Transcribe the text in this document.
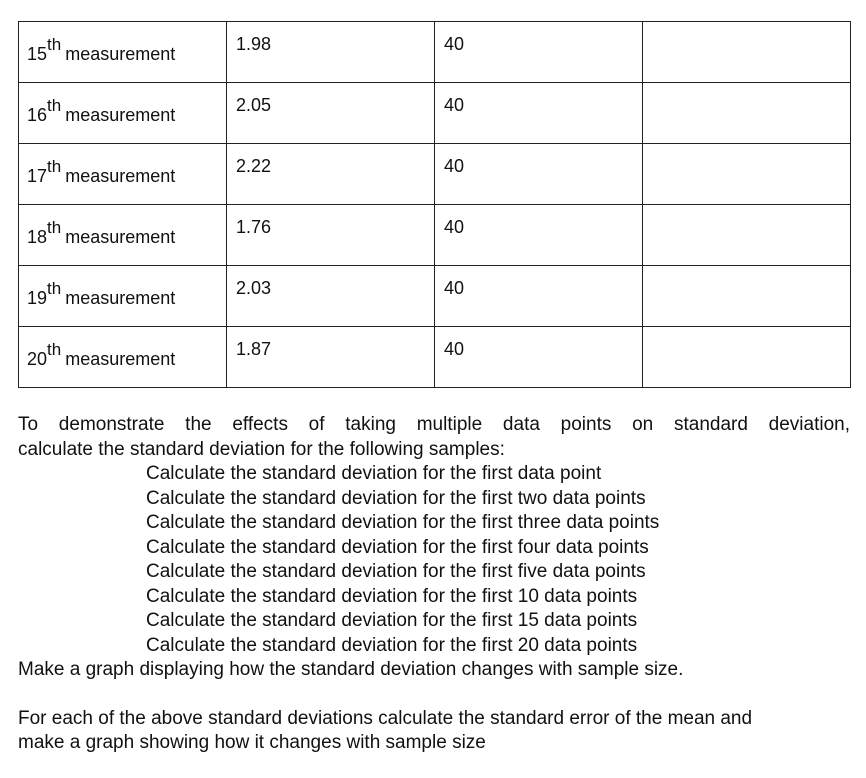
15th measurement	1.98	40	

16th measurement	2.05	40	

17th measurement	2.22	40	

18th measurement	1.76	40	

19th measurement	2.03	40	

20th measurement	1.87	40	

To demonstrate the effects of taking multiple data points on standard deviation,

calculate the standard deviation for the following samples:

Calculate the standard deviation for the first data point
Calculate the standard deviation for the first two data points
Calculate the standard deviation for the first three data points
Calculate the standard deviation for the first four data points
Calculate the standard deviation for the first five data points
Calculate the standard deviation for the first 10 data points
Calculate the standard deviation for the first 15 data points
Calculate the standard deviation for the first 20 data points

Make a graph displaying how the standard deviation changes with sample size.

For each of the above standard deviations calculate the standard error of the mean and

make a graph showing how it changes with sample size
